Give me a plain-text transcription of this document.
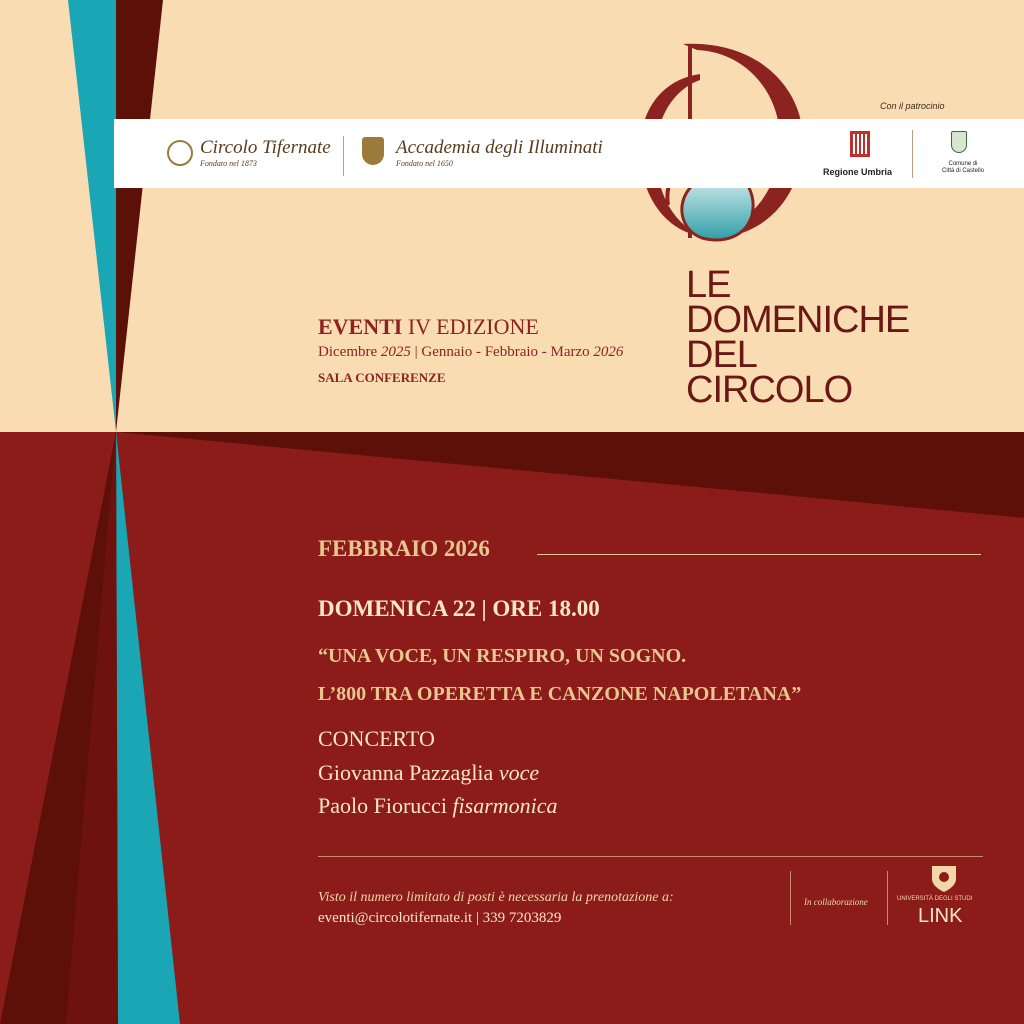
Circolo Tifernate
Fondato nel 1873
Accademia degli Illuminati
Fondato nel 1650
Con il patrocinio
Regione Umbria
Comune di
Città di Castello
LE
DOMENICHE
DEL
CIRCOLO
EVENTI IV EDIZIONE
Dicembre 2025 | Gennaio - Febbraio - Marzo 2026
SALA CONFERENZE
FEBBRAIO 2026
DOMENICA 22 | ORE 18.00
“UNA VOCE, UN RESPIRO, UN SOGNO.
L’800 TRA OPERETTA E CANZONE NAPOLETANA”
CONCERTO
Giovanna Pazzaglia voce
Paolo Fiorucci fisarmonica
Visto il numero limitato di posti è necessaria la prenotazione a:
eventi@circolotifernate.it | 339 7203829
In collaborazione	UNIVERSITÀ DEGLI STUDI
LINK
